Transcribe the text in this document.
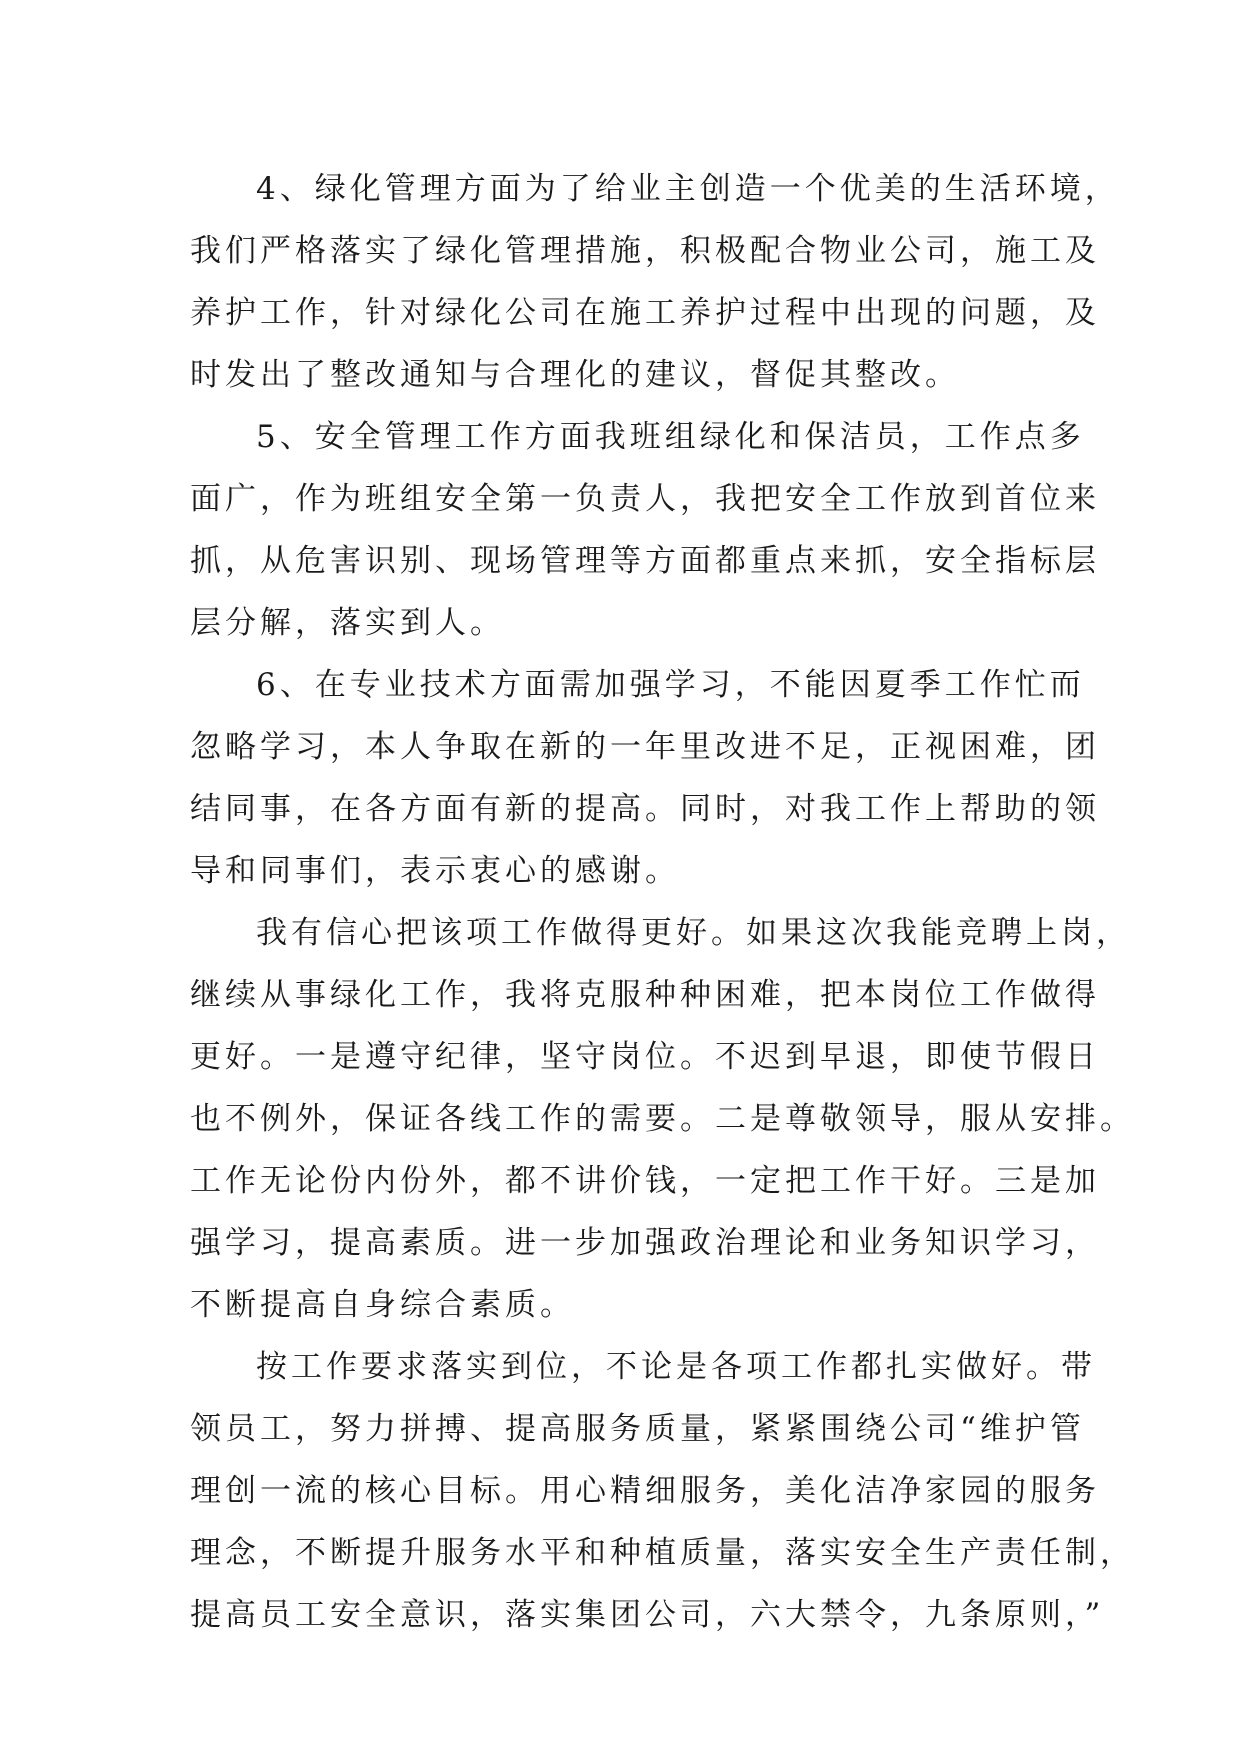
4、绿化管理方面为了给业主创造一个优美的生活环境，
我们严格落实了绿化管理措施，积极配合物业公司，施工及
养护工作，针对绿化公司在施工养护过程中出现的问题，及
时发出了整改通知与合理化的建议，督促其整改。
5、安全管理工作方面我班组绿化和保洁员，工作点多
面广，作为班组安全第一负责人，我把安全工作放到首位来
抓，从危害识别、现场管理等方面都重点来抓，安全指标层
层分解，落实到人。
6、在专业技术方面需加强学习，不能因夏季工作忙而
忽略学习，本人争取在新的一年里改进不足，正视困难，团
结同事，在各方面有新的提高。同时，对我工作上帮助的领
导和同事们，表示衷心的感谢。
我有信心把该项工作做得更好。如果这次我能竞聘上岗，
继续从事绿化工作，我将克服种种困难，把本岗位工作做得
更好。一是遵守纪律，坚守岗位。不迟到早退，即使节假日
也不例外，保证各线工作的需要。二是尊敬领导，服从安排。
工作无论份内份外，都不讲价钱，一定把工作干好。三是加
强学习，提高素质。进一步加强政治理论和业务知识学习，
不断提高自身综合素质。
按工作要求落实到位，不论是各项工作都扎实做好。带
领员工，努力拼搏、提高服务质量，紧紧围绕公司“维护管
理创一流的核心目标。用心精细服务，美化洁净家园的服务
理念，不断提升服务水平和种植质量，落实安全生产责任制，
提高员工安全意识，落实集团公司，六大禁令，九条原则，”
